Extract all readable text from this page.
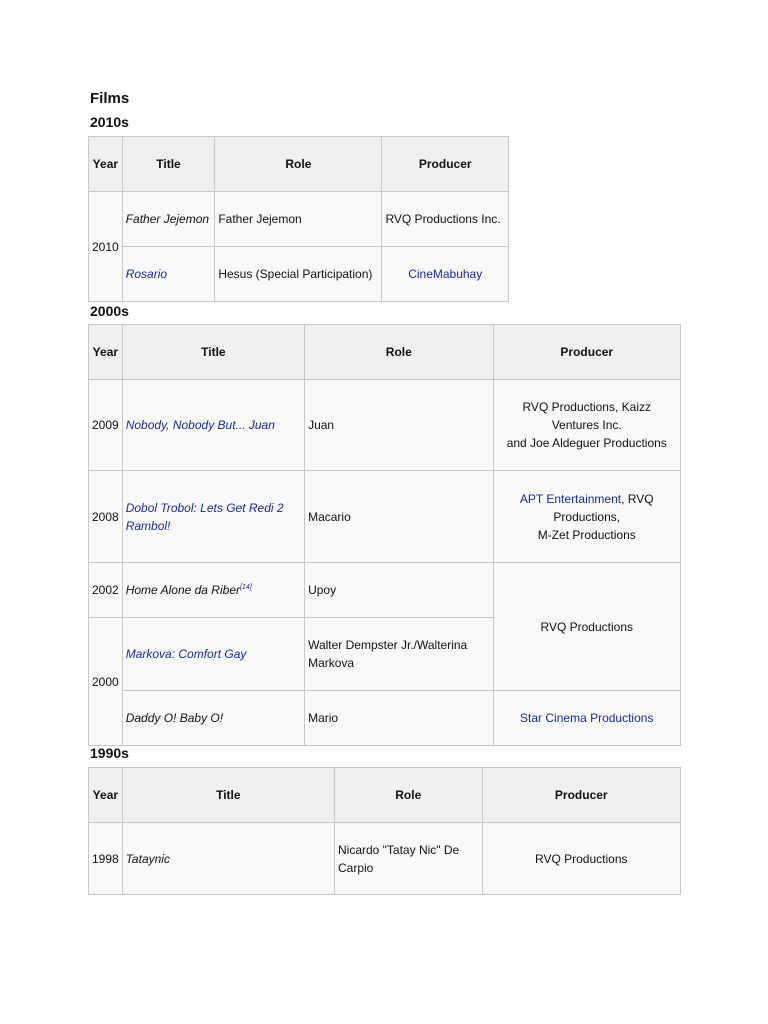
Films
2010s
Year	Title	Role	Producer
2010	Father Jejemon	Father Jejemon	RVQ Productions Inc.
	Rosario	Hesus (Special Participation)	CineMabuhay
2000s
Year	Title	Role	Producer
2009	Nobody, Nobody But... Juan	Juan	RVQ Productions, Kaizz
Ventures Inc.
and Joe Aldeguer Productions
2008	Dobol Trobol: Lets Get Redi 2
Rambol!	Macario	APT Entertainment, RVQ
Productions,
M-Zet Productions
2002	Home Alone da Riber[14]	Upoy	RVQ Productions
2000	Markova: Comfort Gay	Walter Dempster Jr./Walterina
Markova	
	Daddy O! Baby O!	Mario	Star Cinema Productions
1990s
Year	Title	Role	Producer
1998	Tataynic	Nicardo "Tatay Nic" De
Carpio	RVQ Productions
